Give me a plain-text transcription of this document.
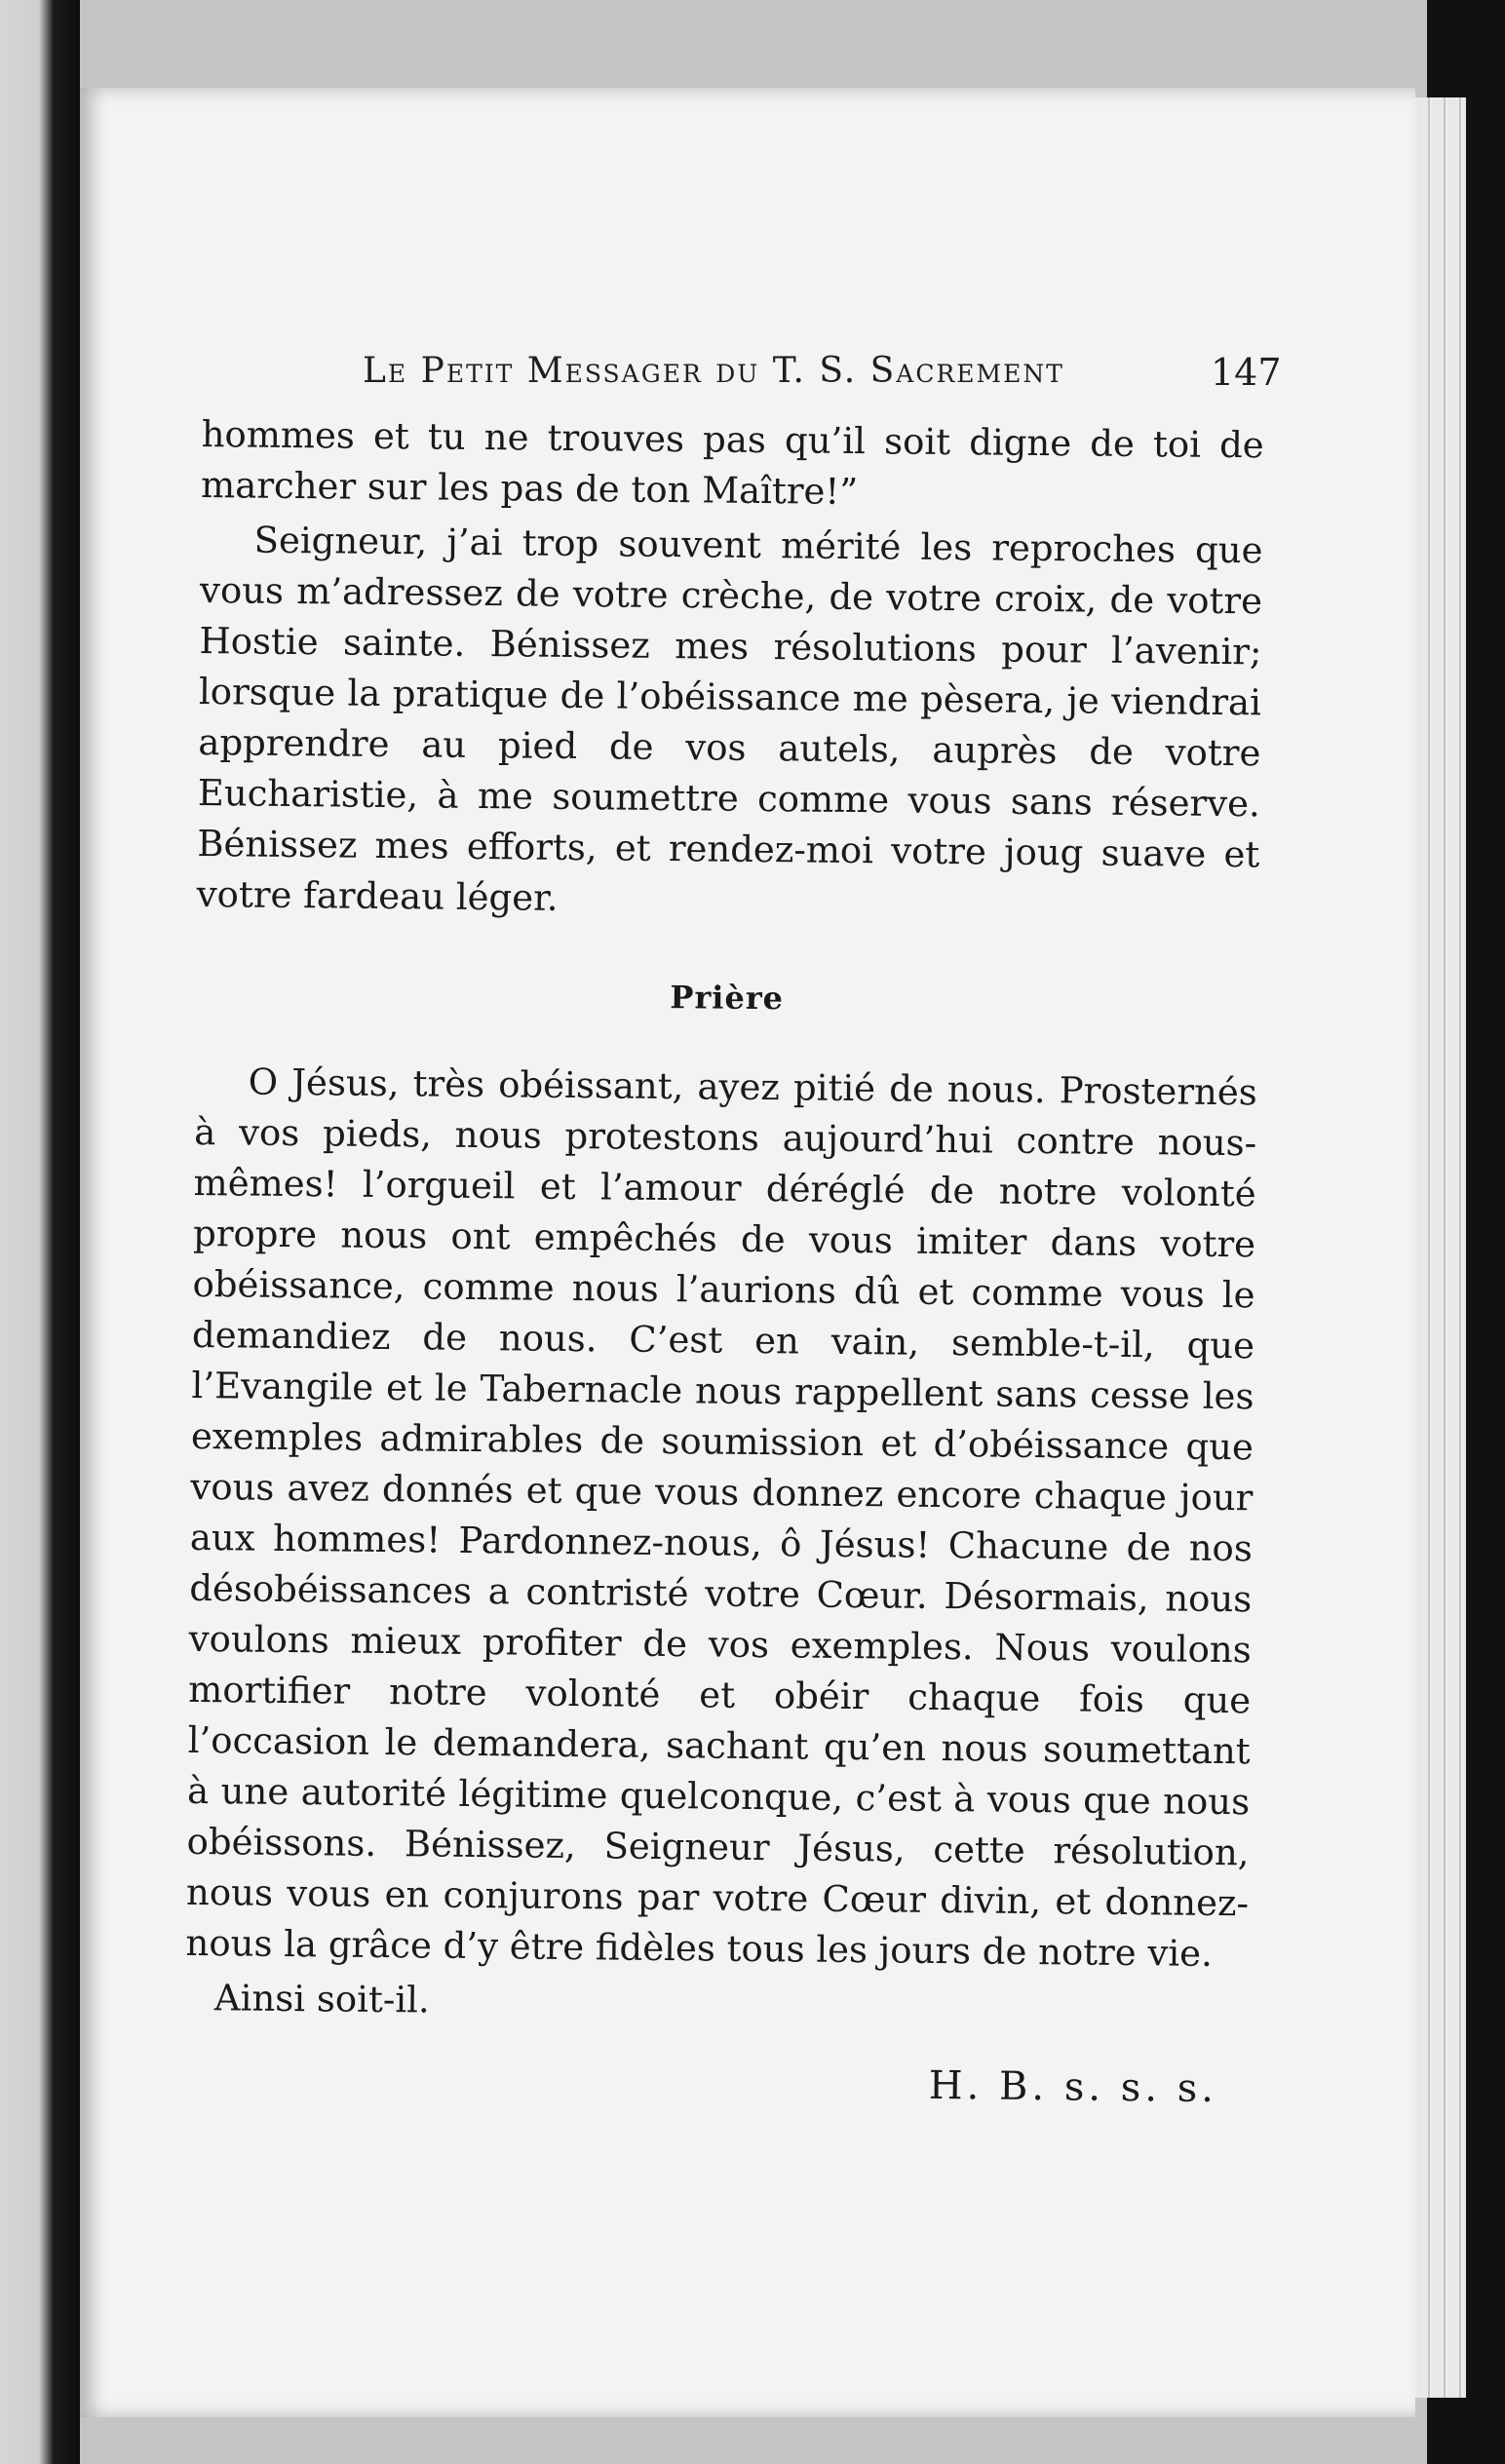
Le Petit Messager du T. S. Sacrement	147

hommes et tu ne trouves pas qu’il soit digne de toi de marcher sur les pas de ton Maître!”

Seigneur, j’ai trop souvent mérité les reproches que vous m’adressez de votre crèche, de votre croix, de votre Hostie sainte. Bénissez mes résolutions pour l’avenir; lorsque la pratique de l’obéissance me pèsera, je viendrai apprendre au pied de vos autels, auprès de votre Eucharistie, à me soumettre comme vous sans réserve. Bénissez mes efforts, et rendez-moi votre joug suave et votre fardeau léger.

Prière

O Jésus, très obéissant, ayez pitié de nous. Prosternés à vos pieds, nous protestons aujourd’hui contre nous-mêmes! l’orgueil et l’amour déréglé de notre volonté propre nous ont empêchés de vous imiter dans votre obéissance, comme nous l’aurions dû et comme vous le demandiez de nous. C’est en vain, semble-t-il, que l’Evangile et le Tabernacle nous rappellent sans cesse les exemples admirables de soumission et d’obéissance que vous avez donnés et que vous donnez encore chaque jour aux hommes! Pardonnez-nous, ô Jésus! Chacune de nos désobéissances a contristé votre Cœur. Désormais, nous voulons mieux profiter de vos exemples. Nous voulons mortifier notre volonté et obéir chaque fois que l’occasion le demandera, sachant qu’en nous soumettant à une autorité légitime quelconque, c’est à vous que nous obéissons. Bénissez, Seigneur Jésus, cette résolution, nous vous en conjurons par votre Cœur divin, et donnez-nous la grâce d’y être fidèles tous les jours de notre vie.

Ainsi soit-il.

H. B. s. s. s.
